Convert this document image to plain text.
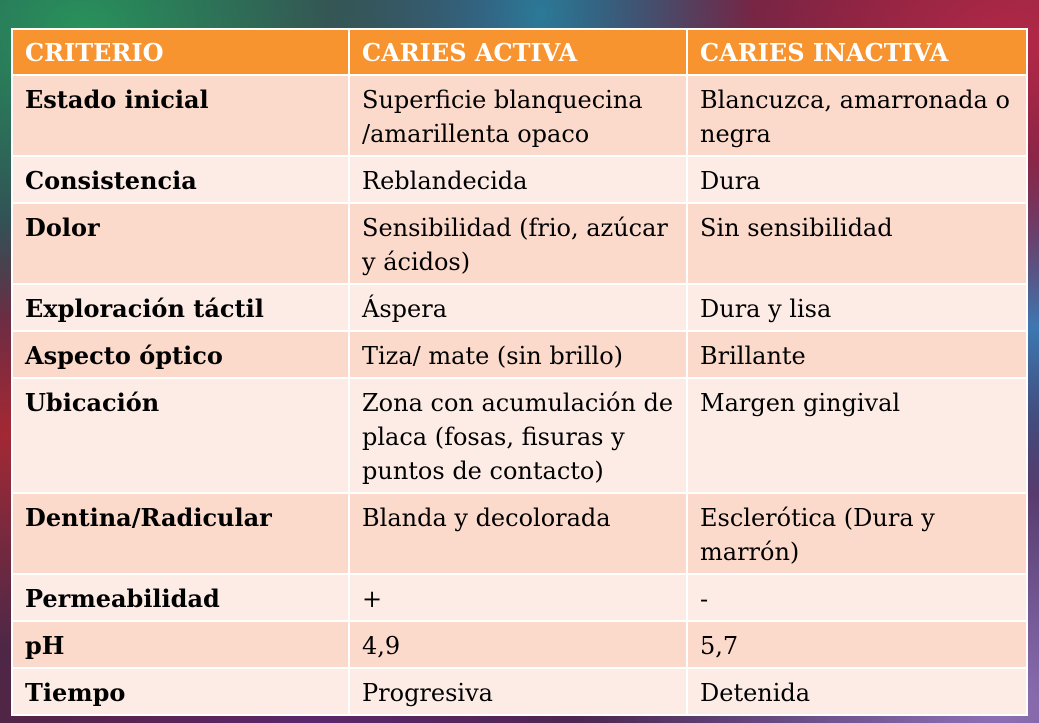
CRITERIO	CARIES ACTIVA	CARIES INACTIVA
Estado inicial	Superficie blanquecina /amarillenta opaco	Blancuzca, amarronada o negra
Consistencia	Reblandecida	Dura
Dolor	Sensibilidad (frio, azúcar y ácidos)	Sin sensibilidad
Exploración táctil	Áspera	Dura y lisa
Aspecto óptico	Tiza/ mate (sin brillo)	Brillante
Ubicación	Zona con acumulación de placa (fosas, fisuras y puntos de contacto)	Margen gingival
Dentina/Radicular	Blanda y decolorada	Esclerótica (Dura y marrón)
Permeabilidad	+	-
pH	4,9	5,7
Tiempo	Progresiva	Detenida
